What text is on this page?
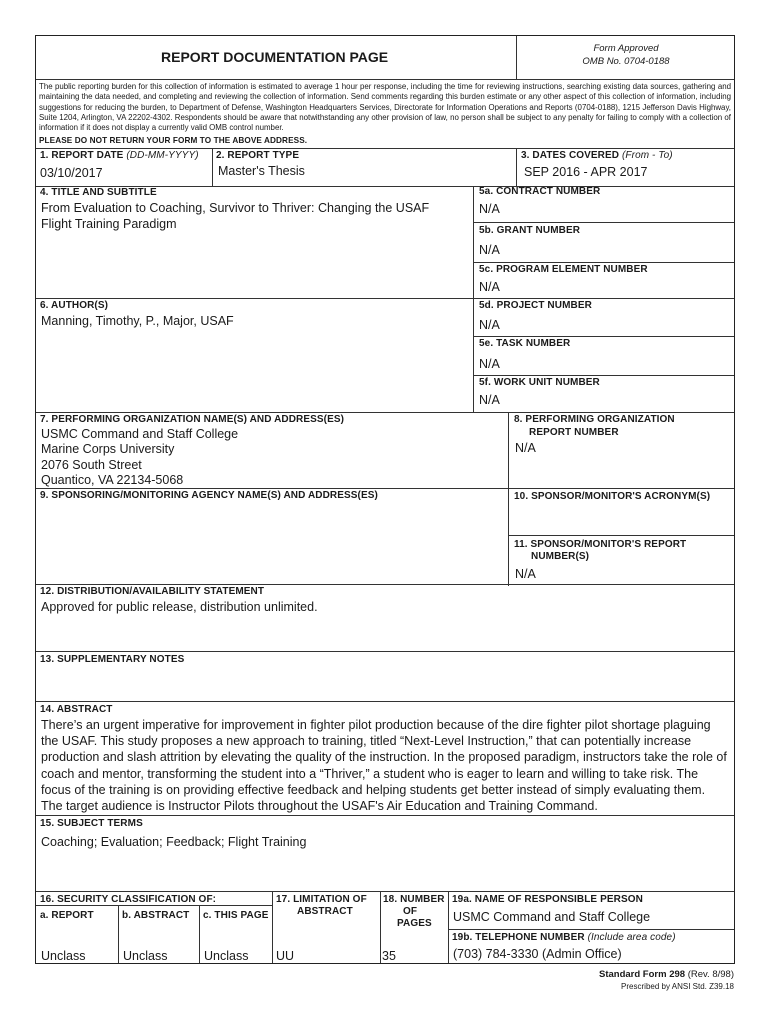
REPORT DOCUMENTATION PAGE
Form Approved
OMB No. 0704-0188
The public reporting burden for this collection of information is estimated to average 1 hour per response, including the time for reviewing instructions, searching existing data sources, gathering and maintaining the data needed, and completing and reviewing the collection of information. Send comments regarding this burden estimate or any other aspect of this collection of information, including suggestions for reducing the burden, to Department of Defense, Washington Headquarters Services, Directorate for Information Operations and Reports (0704-0188), 1215 Jefferson Davis Highway, Suite 1204, Arlington, VA 22202-4302. Respondents should be aware that notwithstanding any other provision of law, no person shall be subject to any penalty for failing to comply with a collection of information if it does not display a currently valid OMB control number.
PLEASE DO NOT RETURN YOUR FORM TO THE ABOVE ADDRESS.
1. REPORT DATE (DD-MM-YYYY)
03/10/2017
2. REPORT TYPE
Master's Thesis
3. DATES COVERED (From - To)
SEP 2016 - APR 2017
4. TITLE AND SUBTITLE
From Evaluation to Coaching, Survivor to Thriver: Changing the USAF Flight Training Paradigm
5a. CONTRACT NUMBER
N/A
5b. GRANT NUMBER
N/A
5c. PROGRAM ELEMENT NUMBER
N/A
6. AUTHOR(S)
Manning, Timothy, P., Major, USAF
5d. PROJECT NUMBER
N/A
5e. TASK NUMBER
N/A
5f. WORK UNIT NUMBER
N/A
7. PERFORMING ORGANIZATION NAME(S) AND ADDRESS(ES)
USMC Command and Staff College
Marine Corps University
2076 South Street
Quantico, VA 22134-5068
8. PERFORMING ORGANIZATION
REPORT NUMBER
N/A
9. SPONSORING/MONITORING AGENCY NAME(S) AND ADDRESS(ES)	10. SPONSOR/MONITOR'S ACRONYM(S)
11. SPONSOR/MONITOR'S REPORT
NUMBER(S)
N/A
12. DISTRIBUTION/AVAILABILITY STATEMENT
Approved for public release, distribution unlimited.
13. SUPPLEMENTARY NOTES
14. ABSTRACT
There’s an urgent imperative for improvement in fighter pilot production because of the dire fighter pilot shortage plaguing the USAF. This study proposes a new approach to training, titled “Next-Level Instruction,” that can potentially increase production and slash attrition by elevating the quality of the instruction. In the proposed paradigm, instructors take the role of coach and mentor, transforming the student into a “Thriver,” a student who is eager to learn and willing to take risk. The focus of the training is on providing effective feedback and helping students get better instead of simply evaluating them. The target audience is Instructor Pilots throughout the USAF's Air Education and Training Command.
15. SUBJECT TERMS
Coaching; Evaluation; Feedback; Flight Training
16. SECURITY CLASSIFICATION OF:
a. REPORT	b. ABSTRACT c. THIS PAGE
Unclass	Unclass	Unclass
17. LIMITATION OF
ABSTRACT
UU
18. NUMBER
OF
PAGES
35
19a. NAME OF RESPONSIBLE PERSON
USMC Command and Staff College
19b. TELEPHONE NUMBER (Include area code)
(703) 784-3330 (Admin Office)
Standard Form 298 (Rev. 8/98)
Prescribed by ANSI Std. Z39.18
